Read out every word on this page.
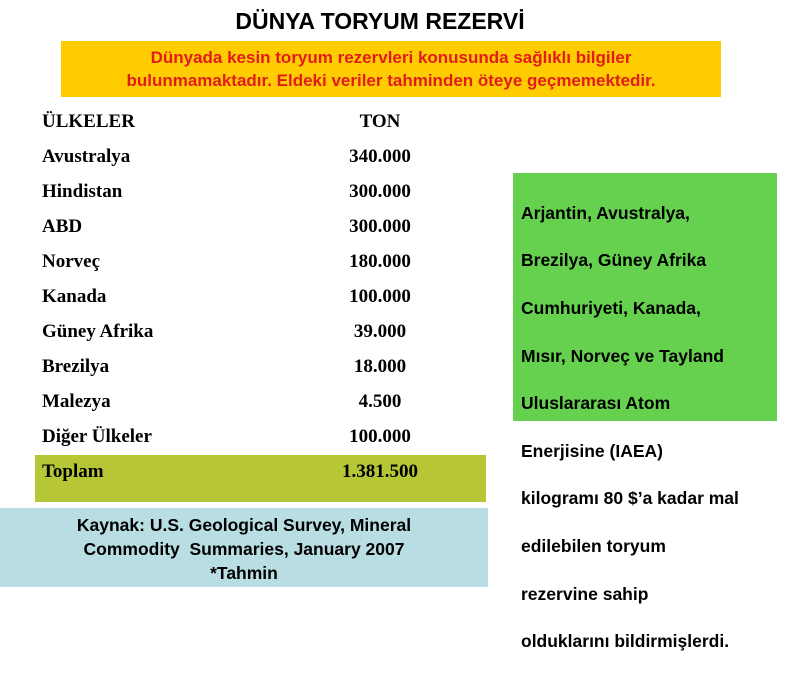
DÜNYA TORYUM REZERVİ
Dünyada kesin toryum rezervleri konusunda sağlıklı bilgiler
bulunmamaktadır. Eldeki veriler tahminden öteye geçmemektedir.
ÜLKELER	TON
Avustralya	340.000
Hindistan	300.000
ABD	300.000
Norveç	180.000
Kanada	100.000
Güney Afrika	39.000
Brezilya	18.000
Malezya	4.500
Diğer Ülkeler	100.000
Toplam	1.381.500

Arjantin, Avustralya,

Brezilya, Güney Afrika

Cumhuriyeti, Kanada,

Mısır, Norveç ve Tayland

Uluslararası Atom

Enerjisine (IAEA)

kilogramı 80 $’a kadar mal

edilebilen toryum

rezervine sahip

olduklarını bildirmişlerdi.

Kaynak: U.S. Geological Survey, Mineral
Commodity  Summaries, January 2007
*Tahmin
